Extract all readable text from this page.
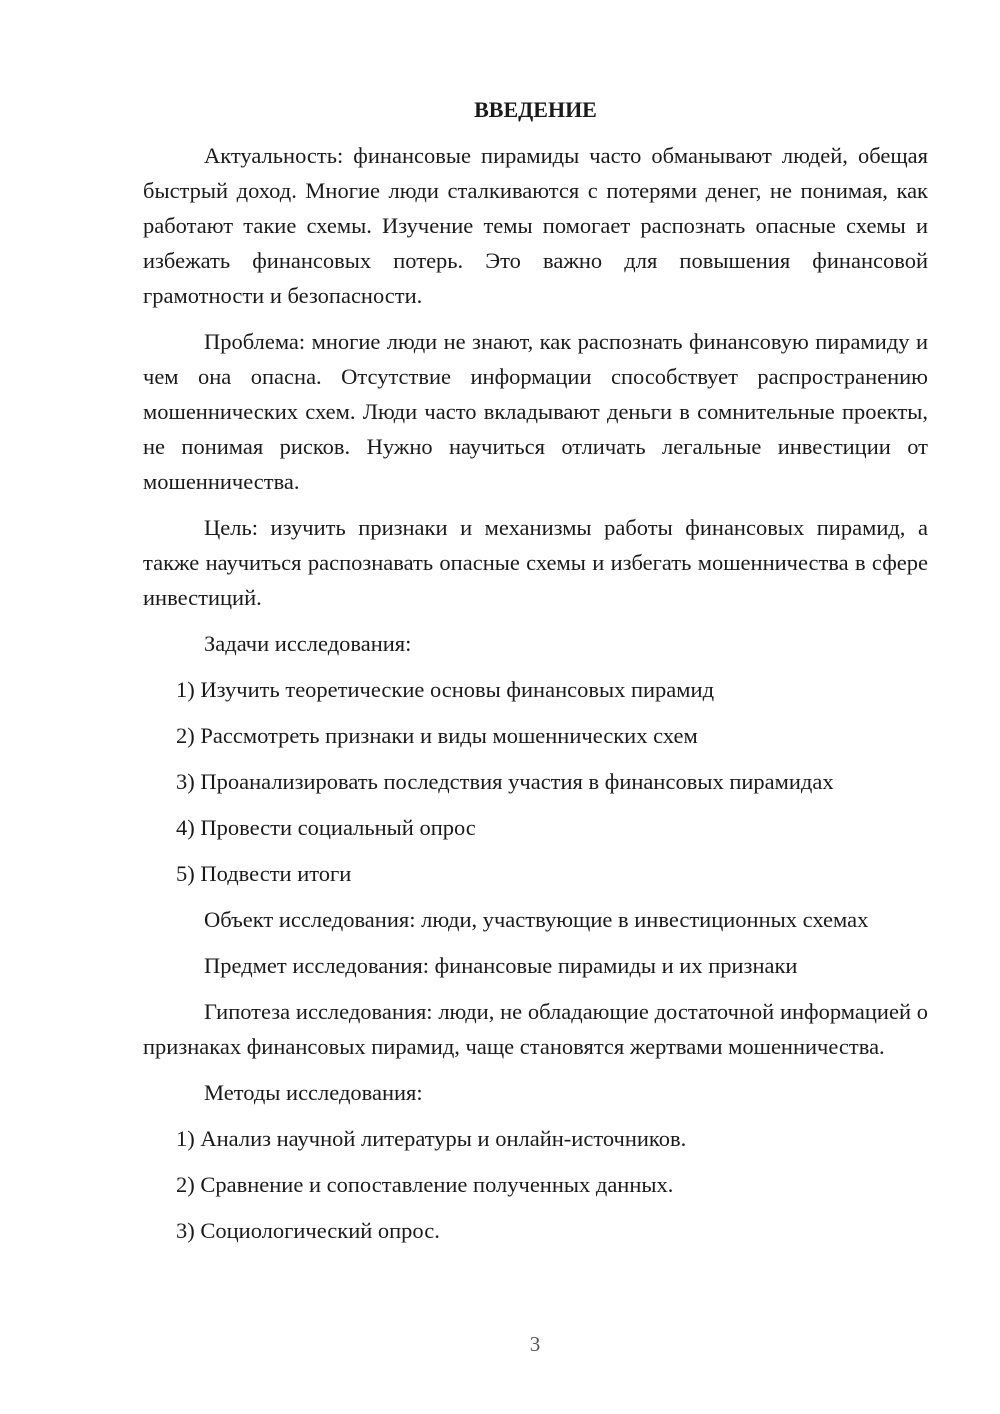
ВВЕДЕНИЕ
Актуальность: финансовые пирамиды часто обманывают людей, обещая быстрый доход. Многие люди сталкиваются с потерями денег, не понимая, как работают такие схемы. Изучение темы помогает распознать опасные схемы и избежать финансовых потерь. Это важно для повышения финансовой грамотности и безопасности.
Проблема: многие люди не знают, как распознать финансовую пирамиду и чем она опасна. Отсутствие информации способствует распространению мошеннических схем. Люди часто вкладывают деньги в сомнительные проекты, не понимая рисков. Нужно научиться отличать легальные инвестиции от мошенничества.
Цель: изучить признаки и механизмы работы финансовых пирамид, а также научиться распознавать опасные схемы и избегать мошенничества в сфере инвестиций.
Задачи исследования:
1) Изучить теоретические основы финансовых пирамид
2) Рассмотреть признаки и виды мошеннических схем
3) Проанализировать последствия участия в финансовых пирамидах
4) Провести социальный опрос
5) Подвести итоги
Объект исследования: люди, участвующие в инвестиционных схемах
Предмет исследования: финансовые пирамиды и их признаки
Гипотеза исследования: люди, не обладающие достаточной информацией о признаках финансовых пирамид, чаще становятся жертвами мошенничества.
Методы исследования:
1) Анализ научной литературы и онлайн-источников.
2) Сравнение и сопоставление полученных данных.
3) Социологический опрос.
3
